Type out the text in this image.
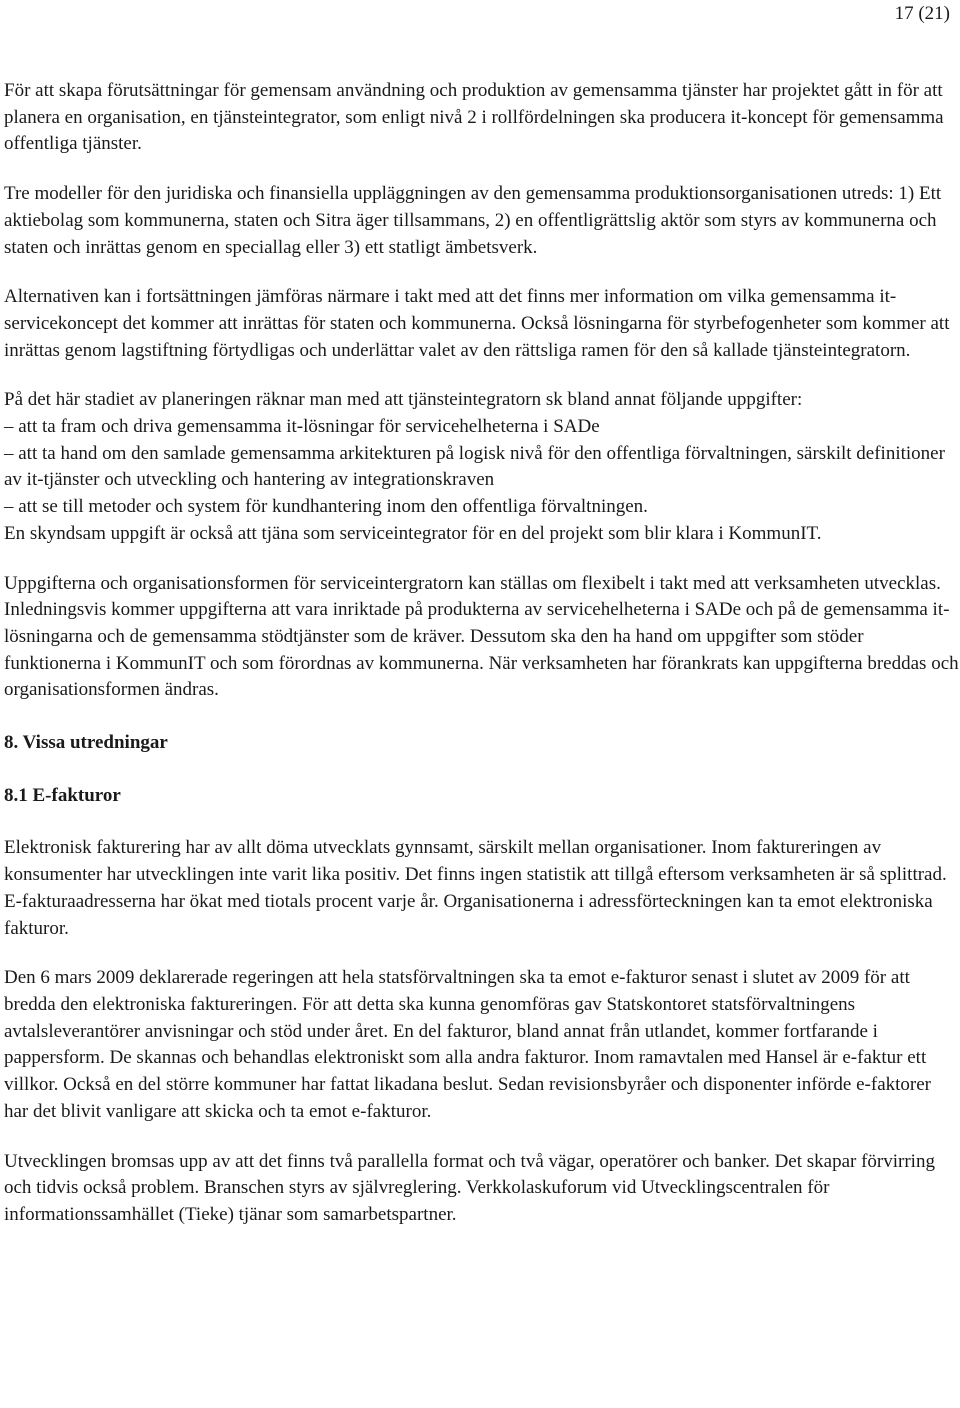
17 (21)

För att skapa förutsättningar för gemensam användning och produktion av gemensamma tjänster har projektet gått in för att planera en organisation, en tjänsteintegrator, som enligt nivå 2 i rollfördelningen ska producera it-koncept för gemensamma offentliga tjänster.

Tre modeller för den juridiska och finansiella uppläggningen av den gemensamma produktionsorganisationen utreds: 1) Ett aktiebolag som kommunerna, staten och Sitra äger tillsammans, 2) en offentligrättslig aktör som styrs av kommunerna och staten och inrättas genom en speciallag eller 3) ett statligt ämbetsverk.

Alternativen kan i fortsättningen jämföras närmare i takt med att det finns mer information om vilka gemensamma it-servicekoncept det kommer att inrättas för staten och kommunerna. Också lösningarna för styrbefogenheter som kommer att inrättas genom lagstiftning förtydligas och underlättar valet av den rättsliga ramen för den så kallade tjänsteintegratorn.

På det här stadiet av planeringen räknar man med att tjänsteintegratorn sk bland annat följande uppgifter:

– att ta fram och driva gemensamma it-lösningar för servicehelheterna i SADe

– att ta hand om den samlade gemensamma arkitekturen på logisk nivå för den offentliga förvaltningen, särskilt definitioner av it-tjänster och utveckling och hantering av integrationskraven

– att se till metoder och system för kundhantering inom den offentliga förvaltningen.

En skyndsam uppgift är också att tjäna som serviceintegrator för en del projekt som blir klara i KommunIT.

Uppgifterna och organisationsformen för serviceintergratorn kan ställas om flexibelt i takt med att verksamheten utvecklas. Inledningsvis kommer uppgifterna att vara inriktade på produkterna av servicehelheterna i SADe och på de gemensamma it-lösningarna och de gemensamma stödtjänster som de kräver. Dessutom ska den ha hand om uppgifter som stöder funktionerna i KommunIT och som förordnas av kommunerna. När verksamheten har förankrats kan uppgifterna breddas och organisationsformen ändras.

8. Vissa utredningar

8.1 E-fakturor

Elektronisk fakturering har av allt döma utvecklats gynnsamt, särskilt mellan organisationer. Inom faktureringen av konsumenter har utvecklingen inte varit lika positiv. Det finns ingen statistik att tillgå eftersom verksamheten är så splittrad. E-fakturaadresserna har ökat med tiotals procent varje år. Organisationerna i adressförteckningen kan ta emot elektroniska fakturor.

Den 6 mars 2009 deklarerade regeringen att hela statsförvaltningen ska ta emot e-fakturor senast i slutet av 2009 för att bredda den elektroniska faktureringen. För att detta ska kunna genomföras gav Statskontoret statsförvaltningens avtalsleverantörer anvisningar och stöd under året. En del fakturor, bland annat från utlandet, kommer fortfarande i pappersform. De skannas och behandlas elektroniskt som alla andra fakturor. Inom ramavtalen med Hansel är e-faktur ett villkor. Också en del större kommuner har fattat likadana beslut. Sedan revisionsbyråer och disponenter införde e-faktorer har det blivit vanligare att skicka och ta emot e-fakturor.

Utvecklingen bromsas upp av att det finns två parallella format och två vägar, operatörer och banker. Det skapar förvirring och tidvis också problem. Branschen styrs av självreglering. Verkkolaskuforum vid Utvecklingscentralen för informationssamhället (Tieke) tjänar som samarbetspartner.
